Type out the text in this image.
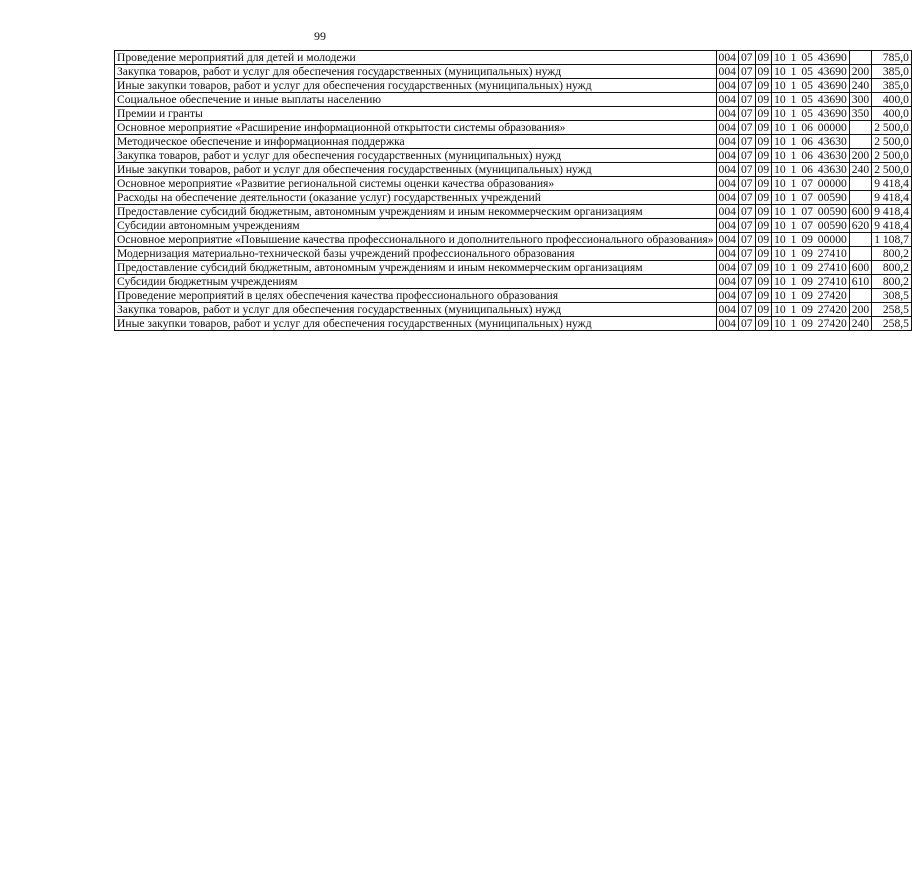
99
Проведение мероприятий для детей и молодежи	004	07	09	10 1 05 43690		785,0
Закупка товаров, работ и услуг для обеспечения государственных (муниципальных) нужд	004	07	09	10 1 05 43690	200	385,0
Иные закупки товаров, работ и услуг для обеспечения государственных (муниципальных) нужд	004	07	09	10 1 05 43690	240	385,0
Социальное обеспечение и иные выплаты населению	004	07	09	10 1 05 43690	300	400,0
Премии и гранты	004	07	09	10 1 05 43690	350	400,0
Основное мероприятие «Расширение информационной открытости системы образования»	004	07	09	10 1 06 00000		2 500,0
Методическое обеспечение и информационная поддержка	004	07	09	10 1 06 43630		2 500,0
Закупка товаров, работ и услуг для обеспечения государственных (муниципальных) нужд	004	07	09	10 1 06 43630	200	2 500,0
Иные закупки товаров, работ и услуг для обеспечения государственных (муниципальных) нужд	004	07	09	10 1 06 43630	240	2 500,0
Основное мероприятие «Развитие региональной системы оценки качества образования»	004	07	09	10 1 07 00000		9 418,4
Расходы на обеспечение деятельности (оказание услуг) государственных учреждений	004	07	09	10 1 07 00590		9 418,4
Предоставление субсидий бюджетным, автономным учреждениям и иным некоммерческим организациям	004	07	09	10 1 07 00590	600	9 418,4
Субсидии автономным учреждениям	004	07	09	10 1 07 00590	620	9 418,4
Основное мероприятие «Повышение качества профессионального и дополнительного профессионального образования»	004	07	09	10 1 09 00000		1 108,7
Модернизация материально-технической базы учреждений профессионального образования	004	07	09	10 1 09 27410		800,2
Предоставление субсидий бюджетным, автономным учреждениям и иным некоммерческим организациям	004	07	09	10 1 09 27410	600	800,2
Субсидии бюджетным учреждениям	004	07	09	10 1 09 27410	610	800,2
Проведение мероприятий в целях обеспечения качества профессионального образования	004	07	09	10 1 09 27420		308,5
Закупка товаров, работ и услуг для обеспечения государственных (муниципальных) нужд	004	07	09	10 1 09 27420	200	258,5
Иные закупки товаров, работ и услуг для обеспечения государственных (муниципальных) нужд	004	07	09	10 1 09 27420	240	258,5
